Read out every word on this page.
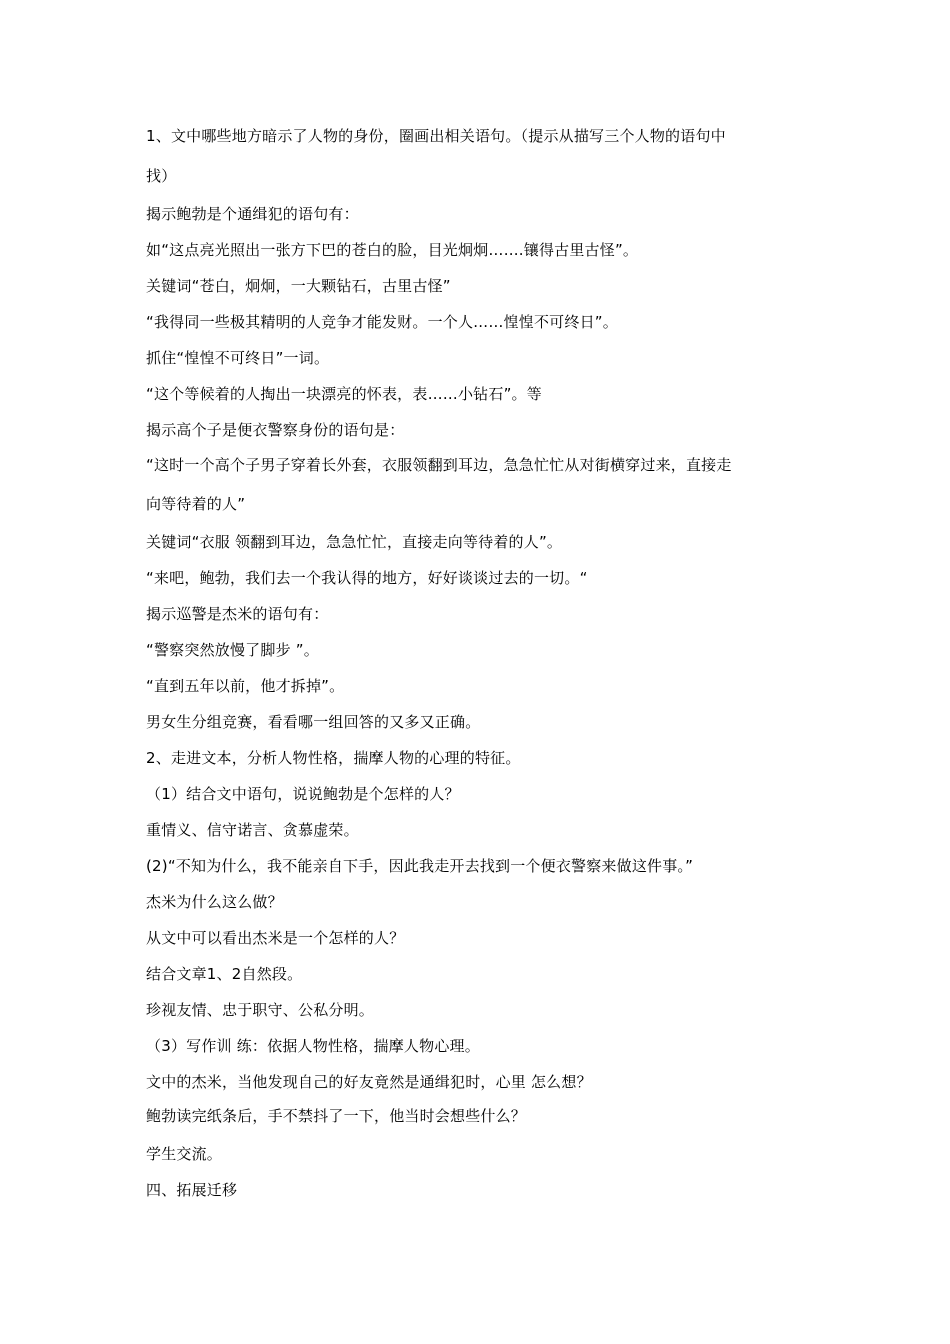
1、文中哪些地方暗示了人物的身份，圈画出相关语句。（提示从描写三个人物的语句中
找）
揭示鲍勃是个通缉犯的语句有：
如“这点亮光照出一张方下巴的苍白的脸，目光炯炯…….镶得古里古怪”。
关键词“苍白，炯炯，一大颗钻石，古里古怪”
“我得同一些极其精明的人竞争才能发财。一个人……惶惶不可终日”。
抓住“惶惶不可终日”一词。
“这个等候着的人掏出一块漂亮的怀表，表……小钻石”。等
揭示高个子是便衣警察身份的语句是：
“这时一个高个子男子穿着长外套，衣服领翻到耳边，急急忙忙从对街横穿过来，直接走
向等待着的人”
关键词“衣服 领翻到耳边，急急忙忙，直接走向等待着的人”。
“来吧，鲍勃，我们去一个我认得的地方，好好谈谈过去的一切。“
揭示巡警是杰米的语句有：
“警察突然放慢了脚步 ”。
“直到五年以前，他才拆掉”。
男女生分组竞赛，看看哪一组回答的又多又正确。
2、走进文本，分析人物性格，揣摩人物的心理的特征。
（1）结合文中语句，说说鲍勃是个怎样的人？
重情义、信守诺言、贪慕虚荣。
(2)“不知为什么，我不能亲自下手，因此我走开去找到一个便衣警察来做这件事。”
杰米为什么这么做？
从文中可以看出杰米是一个怎样的人？
结合文章1、2自然段。
珍视友情、忠于职守、公私分明。
（3）写作训 练：依据人物性格，揣摩人物心理。
文中的杰米，当他发现自己的好友竟然是通缉犯时，心里 怎么想？
鲍勃读完纸条后，手不禁抖了一下，他当时会想些什么？
学生交流。
四、拓展迁移
